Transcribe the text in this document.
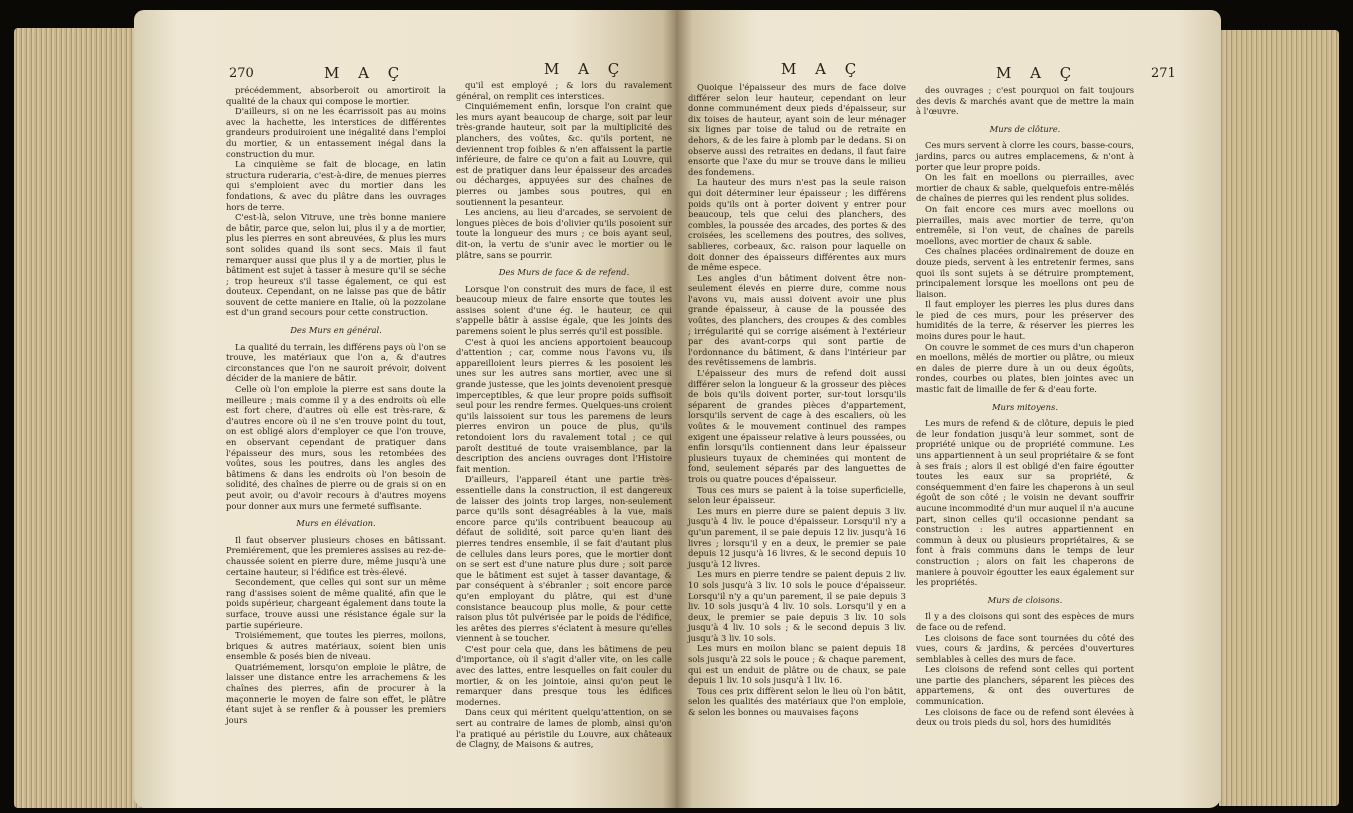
270	M A Ç	M A Ç

précédemment, absorberoit ou amortiroit la qualité de la chaux qui compose le mortier.

D'ailleurs, si on ne les écarrissoit pas au moins avec la hachette, les interstices de différentes grandeurs produiroient une inégalité dans l'emploi du mortier, & un entassement inégal dans la construction du mur.

La cinquième se fait de blocage, en latin structura ruderaria, c'est-à-dire, de menues pierres qui s'emploient avec du mortier dans les fondations, & avec du plâtre dans les ouvrages hors de terre.

C'est-là, selon Vitruve, une très bonne maniere de bâtir, parce que, selon lui, plus il y a de mortier, plus les pierres en sont abreuvées, & plus les murs sont solides quand ils sont secs. Mais il faut remarquer aussi que plus il y a de mortier, plus le bâtiment est sujet à tasser à mesure qu'il se séche ; trop heureux s'il tasse également, ce qui est douteux. Cependant, on ne laisse pas que de bâtir souvent de cette maniere en Italie, où la pozzolane est d'un grand secours pour cette construction.

Des Murs en général.

La qualité du terrain, les différens pays où l'on se trouve, les matériaux que l'on a, & d'autres circonstances que l'on ne sauroit prévoir, doivent décider de la maniere de bâtir.

Celle où l'on emploie la pierre est sans doute la meilleure ; mais comme il y a des endroits où elle est fort chere, d'autres où elle est très-rare, & d'autres encore où il ne s'en trouve point du tout, on est obligé alors d'employer ce que l'on trouve, en observant cependant de pratiquer dans l'épaisseur des murs, sous les retombées des voûtes, sous les poutres, dans les angles des bâtimens & dans les endroits où l'on besoin de solidité, des chaînes de pierre ou de grais si on en peut avoir, ou d'avoir recours à d'autres moyens pour donner aux murs une fermeté suffisante.

Murs en élévation.

Il faut observer plusieurs choses en bâtissant. Premiérement, que les premieres assises au rez-de-chaussée soient en pierre dure, même jusqu'à une certaine hauteur, si l'édifice est très-élevé.

Secondement, que celles qui sont sur un même rang d'assises soient de même qualité, afin que le poids supérieur, chargeant également dans toute la surface, trouve aussi une résistance égale sur la partie supérieure.

Troisiémement, que toutes les pierres, moilons, briques & autres matériaux, soient bien unis ensemble & posés bien de niveau.

Quatriémement, lorsqu'on emploie le plâtre, de laisser une distance entre les arrachemens & les chaînes des pierres, afin de procurer à la maçonnerie le moyen de faire son effet, le plâtre étant sujet à se renfler & à pousser les premiers jours

qu'il est employé ; & lors du ravalement général, on remplit ces interstices.

Cinquiémement enfin, lorsque l'on craint que les murs ayant beaucoup de charge, soit par leur très-grande hauteur, soit par la multiplicité des planchers, des voûtes, &c. qu'ils portent, ne deviennent trop foibles & n'en affaissent la partie inférieure, de faire ce qu'on a fait au Louvre, qui est de pratiquer dans leur épaisseur des arcades ou décharges, appuyées sur des chaînes de pierres ou jambes sous poutres, qui en soutiennent la pesanteur.

Les anciens, au lieu d'arcades, se servoient de longues pièces de bois d'olivier qu'ils posoient sur toute la longueur des murs ; ce bois ayant seul, dit-on, la vertu de s'unir avec le mortier ou le plâtre, sans se pourrir.

Des Murs de face & de refend.

Lorsque l'on construit des murs de face, il est beaucoup mieux de faire ensorte que toutes les assises soient d'une ég. le hauteur, ce qui s'appelle bâtir à assise égale, que les joints des paremens soient le plus serrés qu'il est possible.

C'est à quoi les anciens apportoient beaucoup d'attention ; car, comme nous l'avons vu, ils appareilloient leurs pierres & les posoient les unes sur les autres sans mortier, avec une si grande justesse, que les joints devenoient presque imperceptibles, & que leur propre poids suffisoit seul pour les rendre fermes. Quelques-uns croient qu'ils laissoient sur tous les paremens de leurs pierres environ un pouce de plus, qu'ils retondoient lors du ravalement total ; ce qui paroît destitué de toute vraisemblance, par la description des anciens ouvrages dont l'Histoire fait mention.

D'ailleurs, l'appareil étant une partie très-essentielle dans la construction, il est dangereux de laisser des joints trop larges, non-seulement parce qu'ils sont désagréables à la vue, mais encore parce qu'ils contribuent beaucoup au défaut de solidité, soit parce qu'en liant des pierres tendres ensemble, il se fait d'autant plus de cellules dans leurs pores, que le mortier dont on se sert est d'une nature plus dure ; soit parce que le bâtiment est sujet à tasser davantage, & par conséquent à s'ébranler ; soit encore parce qu'en employant du plâtre, qui est d'une consistance beaucoup plus molle, & pour cette raison plus tôt pulvérisée par le poids de l'édifice, les arêtes des pierres s'éclatent à mesure qu'elles viennent à se toucher.

C'est pour cela que, dans les bâtimens de peu d'importance, où il s'agit d'aller vite, on les calle avec des lattes, entre lesquelles on fait couler du mortier, & on les jointoie, ainsi qu'on peut le remarquer dans presque tous les édifices modernes.

Dans ceux qui méritent quelqu'attention, on se sert au contraire de lames de plomb, ainsi qu'on l'a pratiqué au péristile du Louvre, aux châteaux de Clagny, de Maisons & autres,

M A Ç	M A Ç	271

Quoique l'épaisseur des murs de face doive différer selon leur hauteur, cependant on leur donne communément deux pieds d'épaisseur, sur dix toises de hauteur, ayant soin de leur ménager six lignes par toise de talud ou de retraite en dehors, & de les faire à plomb par le dedans. Si on observe aussi des retraites en dedans, il faut faire ensorte que l'axe du mur se trouve dans le milieu des fondemens.

La hauteur des murs n'est pas la seule raison qui doit déterminer leur épaisseur ; les différens poids qu'ils ont à porter doivent y entrer pour beaucoup, tels que celui des planchers, des combles, la poussée des arcades, des portes & des croisées, les scellemens des poutres, des solives, sablieres, corbeaux, &c. raison pour laquelle on doit donner des épaisseurs différentes aux murs de même espece.

Les angles d'un bâtiment doivent être non-seulement élevés en pierre dure, comme nous l'avons vu, mais aussi doivent avoir une plus grande épaisseur, à cause de la poussée des voûtes, des planchers, des croupes & des combles ; irrégularité qui se corrige aisément à l'extérieur par des avant-corps qui sont partie de l'ordonnance du bâtiment, & dans l'intérieur par des revêtissemens de lambris.

L'épaisseur des murs de refend doit aussi différer selon la longueur & la grosseur des pièces de bois qu'ils doivent porter, sur-tout lorsqu'ils séparent de grandes pièces d'appartement, lorsqu'ils servent de cage à des escaliers, où les voûtes & le mouvement continuel des rampes exigent une épaisseur relative à leurs poussées, ou enfin lorsqu'ils contiennent dans leur épaisseur plusieurs tuyaux de cheminées qui montent de fond, seulement séparés par des languettes de trois ou quatre pouces d'épaisseur.

Tous ces murs se paient à la toise superficielle, selon leur épaisseur.

Les murs en pierre dure se paient depuis 3 liv. jusqu'à 4 liv. le pouce d'épaisseur. Lorsqu'il n'y a qu'un parement, il se paie depuis 12 liv. jusqu'à 16 livres ; lorsqu'il y en a deux, le premier se paie depuis 12 jusqu'à 16 livres, & le second depuis 10 jusqu'à 12 livres.

Les murs en pierre tendre se paient depuis 2 liv. 10 sols jusqu'à 3 liv. 10 sols le pouce d'épaisseur. Lorsqu'il n'y a qu'un parement, il se paie depuis 3 liv. 10 sols jusqu'à 4 liv. 10 sols. Lorsqu'il y en a deux, le premier se paie depuis 3 liv. 10 sols jusqu'à 4 liv. 10 sols ; & le second depuis 3 liv. jusqu'à 3 liv. 10 sols.

Les murs en moilon blanc se paient depuis 18 sols jusqu'à 22 sols le pouce ; & chaque parement, qui est un enduit de plâtre ou de chaux, se paie depuis 1 liv. 10 sols jusqu'à 1 liv. 16.

Tous ces prix diffèrent selon le lieu où l'on bâtit, selon les qualités des matériaux que l'on emploie, & selon les bonnes ou mauvaises façons

des ouvrages ; c'est pourquoi on fait toujours des devis & marchés avant que de mettre la main à l'œuvre.

Murs de clôture.

Ces murs servent à clorre les cours, basse-cours, jardins, parcs ou autres emplacemens, & n'ont à porter que leur propre poids.

On les fait en moellons ou pierrailles, avec mortier de chaux & sable, quelquefois entre-mêlés de chaînes de pierres qui les rendent plus solides.

On fait encore ces murs avec moellons ou pierrailles, mais avec mortier de terre, qu'on entremêle, si l'on veut, de chaînes de pareils moellons, avec mortier de chaux & sable.

Ces chaînes placées ordinairement de douze en douze pieds, servent à les entretenir fermes, sans quoi ils sont sujets à se détruire promptement, principalement lorsque les moellons ont peu de liaison.

Il faut employer les pierres les plus dures dans le pied de ces murs, pour les préserver des humidités de la terre, & réserver les pierres les moins dures pour le haut.

On couvre le sommet de ces murs d'un chaperon en moellons, mêlés de mortier ou plâtre, ou mieux en dales de pierre dure à un ou deux égoûts, rondes, courbes ou plates, bien jointes avec un mastic fait de limaille de fer & d'eau forte.

Murs mitoyens.

Les murs de refend & de clôture, depuis le pied de leur fondation jusqu'à leur sommet, sont de propriété unique ou de propriété commune. Les uns appartiennent à un seul propriétaire & se font à ses frais ; alors il est obligé d'en faire égoutter toutes les eaux sur sa propriété, & conséquemment d'en faire les chaperons à un seul égoût de son côté ; le voisin ne devant souffrir aucune incommodité d'un mur auquel il n'a aucune part, sinon celles qu'il occasionne pendant sa construction : les autres appartiennent en commun à deux ou plusieurs propriétaires, & se font à frais communs dans le temps de leur construction ; alors on fait les chaperons de maniere à pouvoir égoutter les eaux également sur les propriétés.

Murs de cloisons.

Il y a des cloisons qui sont des espèces de murs de face ou de refend.

Les cloisons de face sont tournées du côté des vues, cours & jardins, & percées d'ouvertures semblables à celles des murs de face.

Les cloisons de refend sont celles qui portent une partie des planchers, séparent les pièces des appartemens, & ont des ouvertures de communication.

Les cloisons de face ou de refend sont élevées à deux ou trois pieds du sol, hors des humidités
